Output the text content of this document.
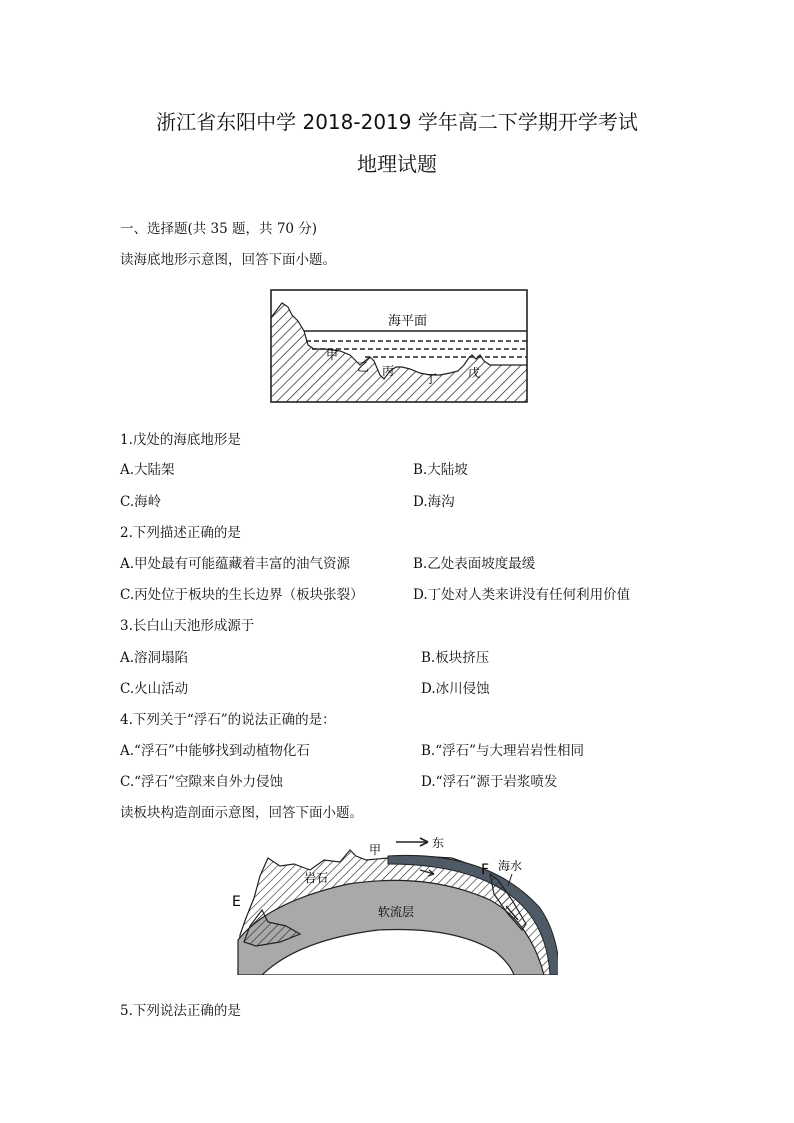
浙江省东阳中学 2018-2019 学年高二下学期开学考试
地理试题
一、选择题(共 35 题，共 70 分)
读海底地形示意图，回答下面小题。
海平面
甲
乙 丙
丁	戊
1.戊处的海底地形是
A.大陆架	B.大陆坡
C.海岭	D.海沟
2.下列描述正确的是
A.甲处最有可能蕴藏着丰富的油气资源	B.乙处表面坡度最缓
C.丙处位于板块的生长边界（板块张裂）	D.丁处对人类来讲没有任何利用价值
3.长白山天池形成源于
A.溶洞塌陷	B.板块挤压
C.火山活动	D.冰川侵蚀
4.下列关于“浮石”的说法正确的是：
A.“浮石”中能够找到动植物化石	B.“浮石”与大理岩岩性相同
C.“浮石”空隙来自外力侵蚀	D.“浮石”源于岩浆喷发
读板块构造剖面示意图，回答下面小题。
甲	东
岩石
软流层
海水
E
F
5.下列说法正确的是
